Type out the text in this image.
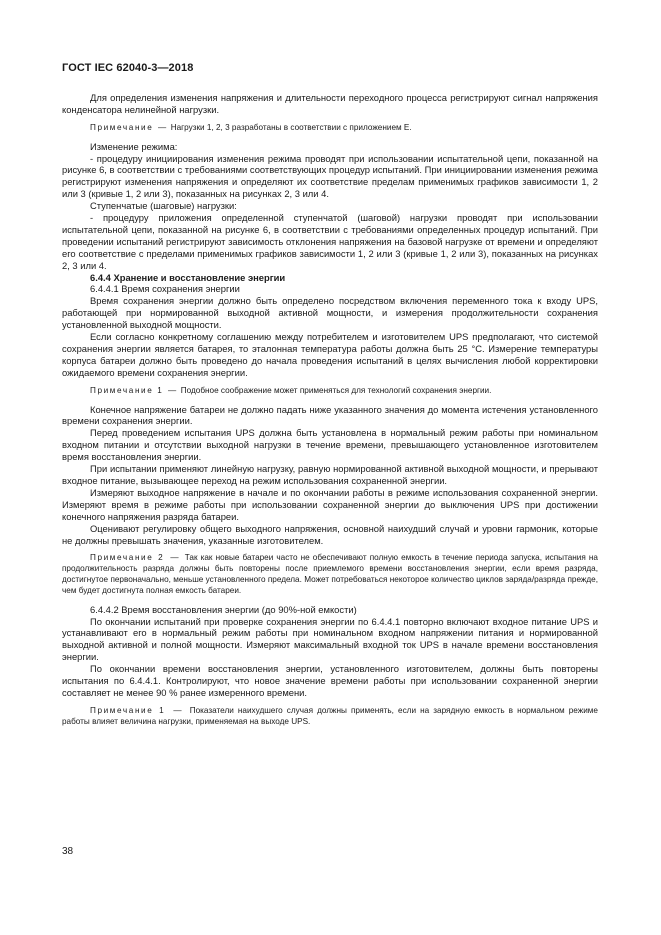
ГОСТ IEC 62040-3—2018

Для определения изменения напряжения и длительности переходного процесса регистрируют сигнал напряжения конденсатора нелинейной нагрузки.

Примечание — Нагрузки 1, 2, 3 разработаны в соответствии с приложением Е.

Изменение режима:

- процедуру инициирования изменения режима проводят при использовании испытательной цепи, показанной на рисунке 6, в соответствии с требованиями соответствующих процедур испытаний. При инициировании изменения режима регистрируют изменения напряжения и определяют их соответствие пределам применимых графиков зависимости 1, 2 или 3 (кривые 1, 2 или 3), показанных на рисунках 2, 3 или 4.

Ступенчатые (шаговые) нагрузки:

- процедуру приложения определенной ступенчатой (шаговой) нагрузки проводят при использовании испытательной цепи, показанной на рисунке 6, в соответствии с требованиями определенных процедур испытаний. При проведении испытаний регистрируют зависимость отклонения напряжения на базовой нагрузке от времени и определяют его соответствие с пределами применимых графиков зависимости 1, 2 или 3 (кривые 1, 2 или 3), показанных на рисунках 2, 3 или 4.

6.4.4 Хранение и восстановление энергии

6.4.4.1 Время сохранения энергии

Время сохранения энергии должно быть определено посредством включения переменного тока к входу UPS, работающей при нормированной выходной активной мощности, и измерения продолжительности сохранения установленной выходной мощности.

Если согласно конкретному соглашению между потребителем и изготовителем UPS предполагают, что системой сохранения энергии является батарея, то эталонная температура работы должна быть 25 °С. Измерение температуры корпуса батареи должно быть проведено до начала проведения испытаний в целях вычисления любой корректировки ожидаемого времени сохранения энергии.

Примечание 1 — Подобное соображение может применяться для технологий сохранения энергии.

Конечное напряжение батареи не должно падать ниже указанного значения до момента истечения установленного времени сохранения энергии.

Перед проведением испытания UPS должна быть установлена в нормальный режим работы при номинальном входном питании и отсутствии выходной нагрузки в течение времени, превышающего установленное изготовителем время восстановления энергии.

При испытании применяют линейную нагрузку, равную нормированной активной выходной мощности, и прерывают входное питание, вызывающее переход на режим использования сохраненной энергии.

Измеряют выходное напряжение в начале и по окончании работы в режиме использования сохраненной энергии. Измеряют время в режиме работы при использовании сохраненной энергии до выключения UPS при достижении конечного напряжения разряда батареи.

Оценивают регулировку общего выходного напряжения, основной наихудший случай и уровни гармоник, которые не должны превышать значения, указанные изготовителем.

Примечание 2 — Так как новые батареи часто не обеспечивают полную емкость в течение периода запуска, испытания на продолжительность разряда должны быть повторены после приемлемого времени восстановления энергии, если время разряда, достигнутое первоначально, меньше установленного предела. Может потребоваться некоторое количество циклов заряда/разряда прежде, чем будет достигнута полная емкость батареи.

6.4.4.2 Время восстановления энергии (до 90%-ной емкости)

По окончании испытаний при проверке сохранения энергии по 6.4.4.1 повторно включают входное питание UPS и устанавливают его в нормальный режим работы при номинальном входном напряжении питания и нормированной выходной активной и полной мощности. Измеряют максимальный входной ток UPS в начале времени восстановления энергии.

По окончании времени восстановления энергии, установленного изготовителем, должны быть повторены испытания по 6.4.4.1. Контролируют, что новое значение времени работы при использовании сохраненной энергии составляет не менее 90 % ранее измеренного времени.

Примечание 1 — Показатели наихудшего случая должны применять, если на зарядную емкость в нормальном режиме работы влияет величина нагрузки, применяемая на выходе UPS.

38
